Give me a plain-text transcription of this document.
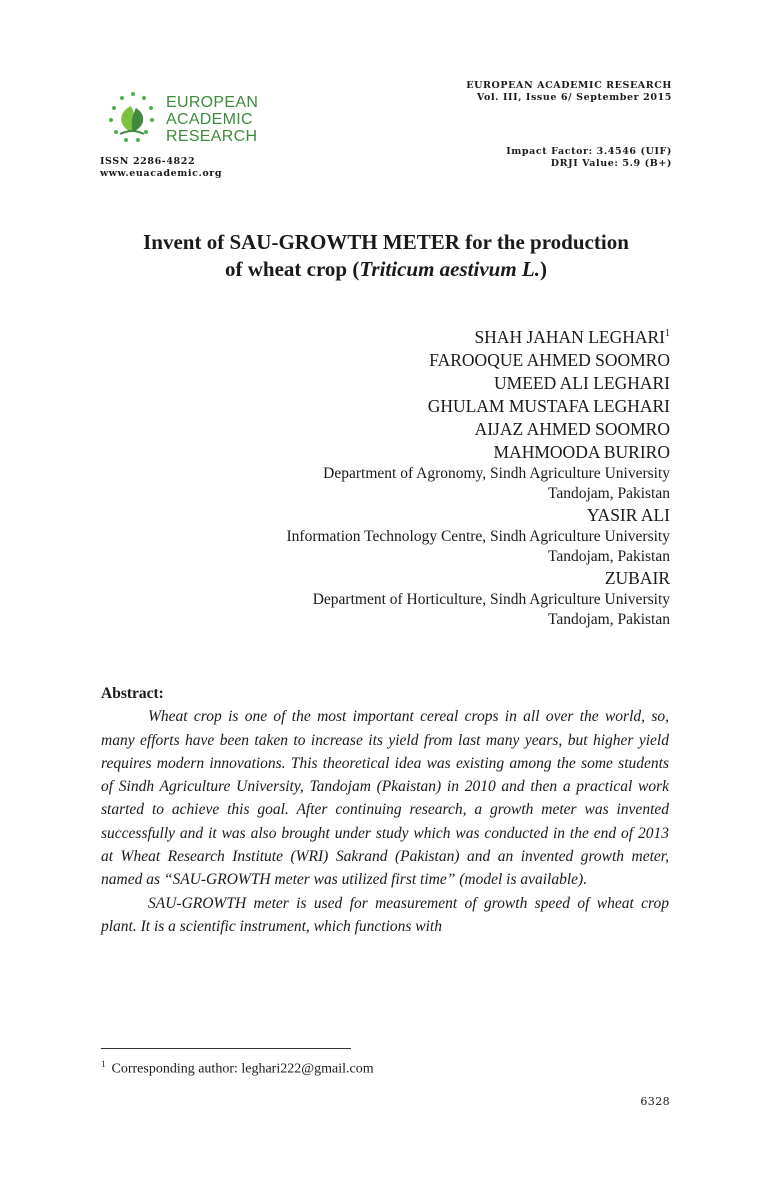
EUROPEAN
ACADEMIC
RESEARCH
ISSN 2286-4822
www.euacademic.org
EUROPEAN ACADEMIC RESEARCH
Vol. III, Issue 6/ September 2015
Impact Factor: 3.4546 (UIF)
DRJI Value: 5.9 (B+)
Invent of SAU-GROWTH METER for the production
of wheat crop (Triticum aestivum L.)
SHAH JAHAN LEGHARI$^1$
FAROOQUE AHMED SOOMRO
UMEED ALI LEGHARI
GHULAM MUSTAFA LEGHARI
AIJAZ AHMED SOOMRO
MAHMOODA BURIRO
Department of Agronomy, Sindh Agriculture University
Tandojam, Pakistan
YASIR ALI
Information Technology Centre, Sindh Agriculture University
Tandojam, Pakistan
ZUBAIR
Department of Horticulture, Sindh Agriculture University
Tandojam, Pakistan
Abstract:

Wheat crop is one of the most important cereal crops in all over the world, so, many efforts have been taken to increase its yield from last many years, but higher yield requires modern innovations. This theoretical idea was existing among the some students of Sindh Agriculture University, Tandojam (Pkaistan) in 2010 and then a practical work started to achieve this goal. After continuing research, a growth meter was invented successfully and it was also brought under study which was conducted in the end of 2013 at Wheat Research Institute (WRI) Sakrand (Pakistan) and an invented growth meter, named as “SAU-GROWTH meter was utilized first time” (model is available).

SAU-GROWTH meter is used for measurement of growth speed of wheat crop plant. It is a scientific instrument, which functions with

$^1$ Corresponding author: leghari222@gmail.com
6328
